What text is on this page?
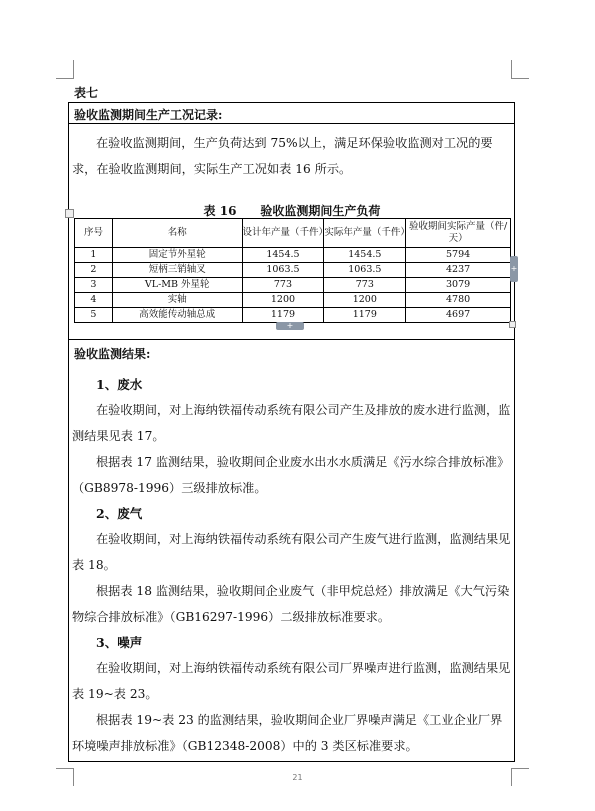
表七
验收监测期间生产工况记录:
在验收监测期间，生产负荷达到 75%以上，满足环保验收监测对工况的要求，在验收监测期间，实际生产工况如表 16 所示。
表 16　　验收监测期间生产负荷
序号	名称	设计年产量（千件）	实际年产量（千件）	验收期间实际产量（件/天）
1	固定节外星轮	1454.5	1454.5	5794
2	短柄三销轴叉	1063.5	1063.5	4237
3	VL-MB 外星轮	773	773	3079
4	实轴	1200	1200	4780
5	高效能传动轴总成	1179	1179	4697
+
+
验收监测结果:
1、废水
在验收期间，对上海纳铁福传动系统有限公司产生及排放的废水进行监测，监测结果见表 17。
根据表 17 监测结果，验收期间企业废水出水水质满足《污水综合排放标准》（GB8978-1996）三级排放标准。
2、废气
在验收期间，对上海纳铁福传动系统有限公司产生废气进行监测，监测结果见表 18。
根据表 18 监测结果，验收期间企业废气（非甲烷总烃）排放满足《大气污染物综合排放标准》（GB16297-1996）二级排放标准要求。
3、噪声
在验收期间，对上海纳铁福传动系统有限公司厂界噪声进行监测，监测结果见表 19~表 23。
根据表 19~表 23 的监测结果，验收期间企业厂界噪声满足《工业企业厂界环境噪声排放标准》（GB12348-2008）中的 3 类区标准要求。
21
